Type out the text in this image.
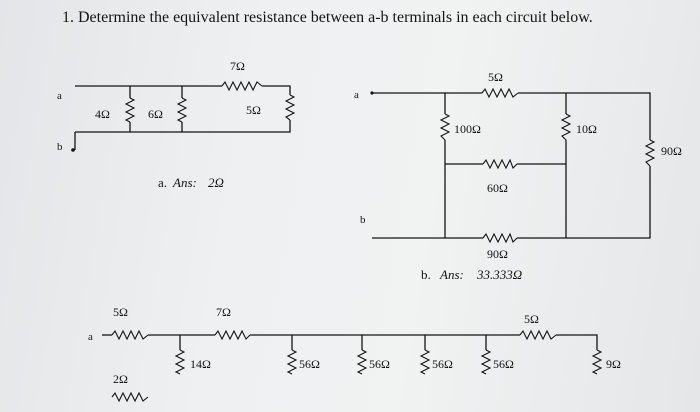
1. Determine the equivalent resistance between a-b terminals in each circuit below.
a
b
4Ω	6Ω
7Ω
5Ω
a. Ans: 2Ω
a
b
5Ω
100Ω	10Ω
90Ω
60Ω
90Ω
b. Ans: 33.333Ω
a
5Ω
2Ω
7Ω
14Ω	56Ω	56Ω	56Ω	56Ω
5Ω
9Ω
